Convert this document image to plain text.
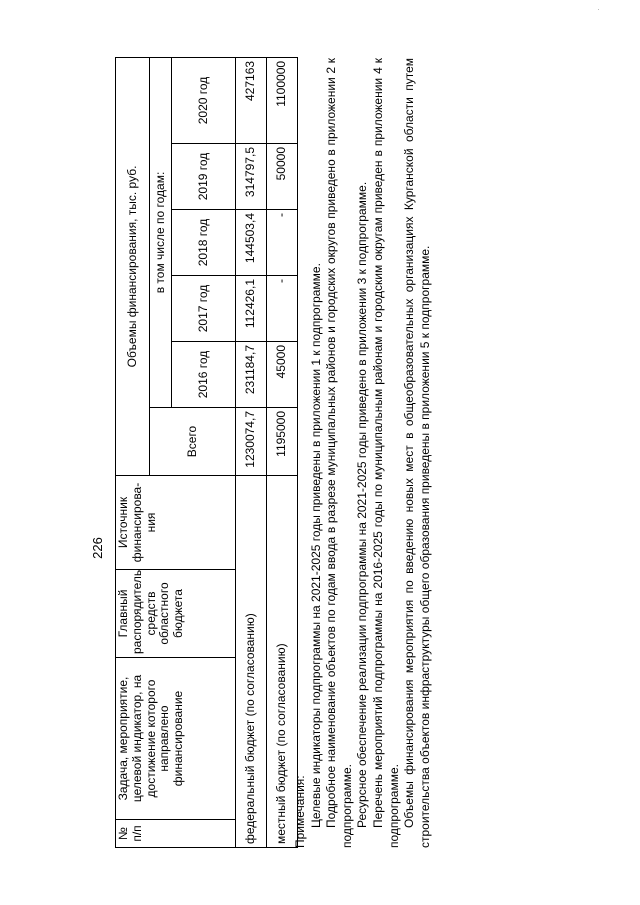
226
№ п/п	Задача, мероприятие, целевой индикатор, на достижение которого направлено финансирование	Главный распорядитель средств областного бюджета	Источник финансирова-ния	Объемы финансирования, тыс. руб.					
				Всего	в том числе по годам:				
					2016 год	2017 год	2018 год	2019 год	2020 год
федеральный бюджет (по согласованию)				1230074,7	231184,7	112426,1	144503,4	314797,5	427163
местный бюджет (по согласованию)				1195000	45000	-	-	50000	1100000

Примечания: Целевые индикаторы подпрограммы на 2021-2025 годы приведены в приложении 1 к подпрограмме. Подробное наименование объектов по годам ввода в разрезе муниципальных районов и городских округов приведено в приложении 2 к подпрограмме. Ресурсное обеспечение реализации подпрограммы на 2021-2025 годы приведено в приложении 3 к подпрограмме. Перечень мероприятий подпрограммы на 2016-2025 годы по муниципальным районам и городским округам приведен в приложении 4 к подпрограмме. Объемы финансирования мероприятия по введению новых мест в общеобразовательных организациях Курганской области путем строительства объектов инфраструктуры общего образования приведены в приложении 5 к подпрограмме.
